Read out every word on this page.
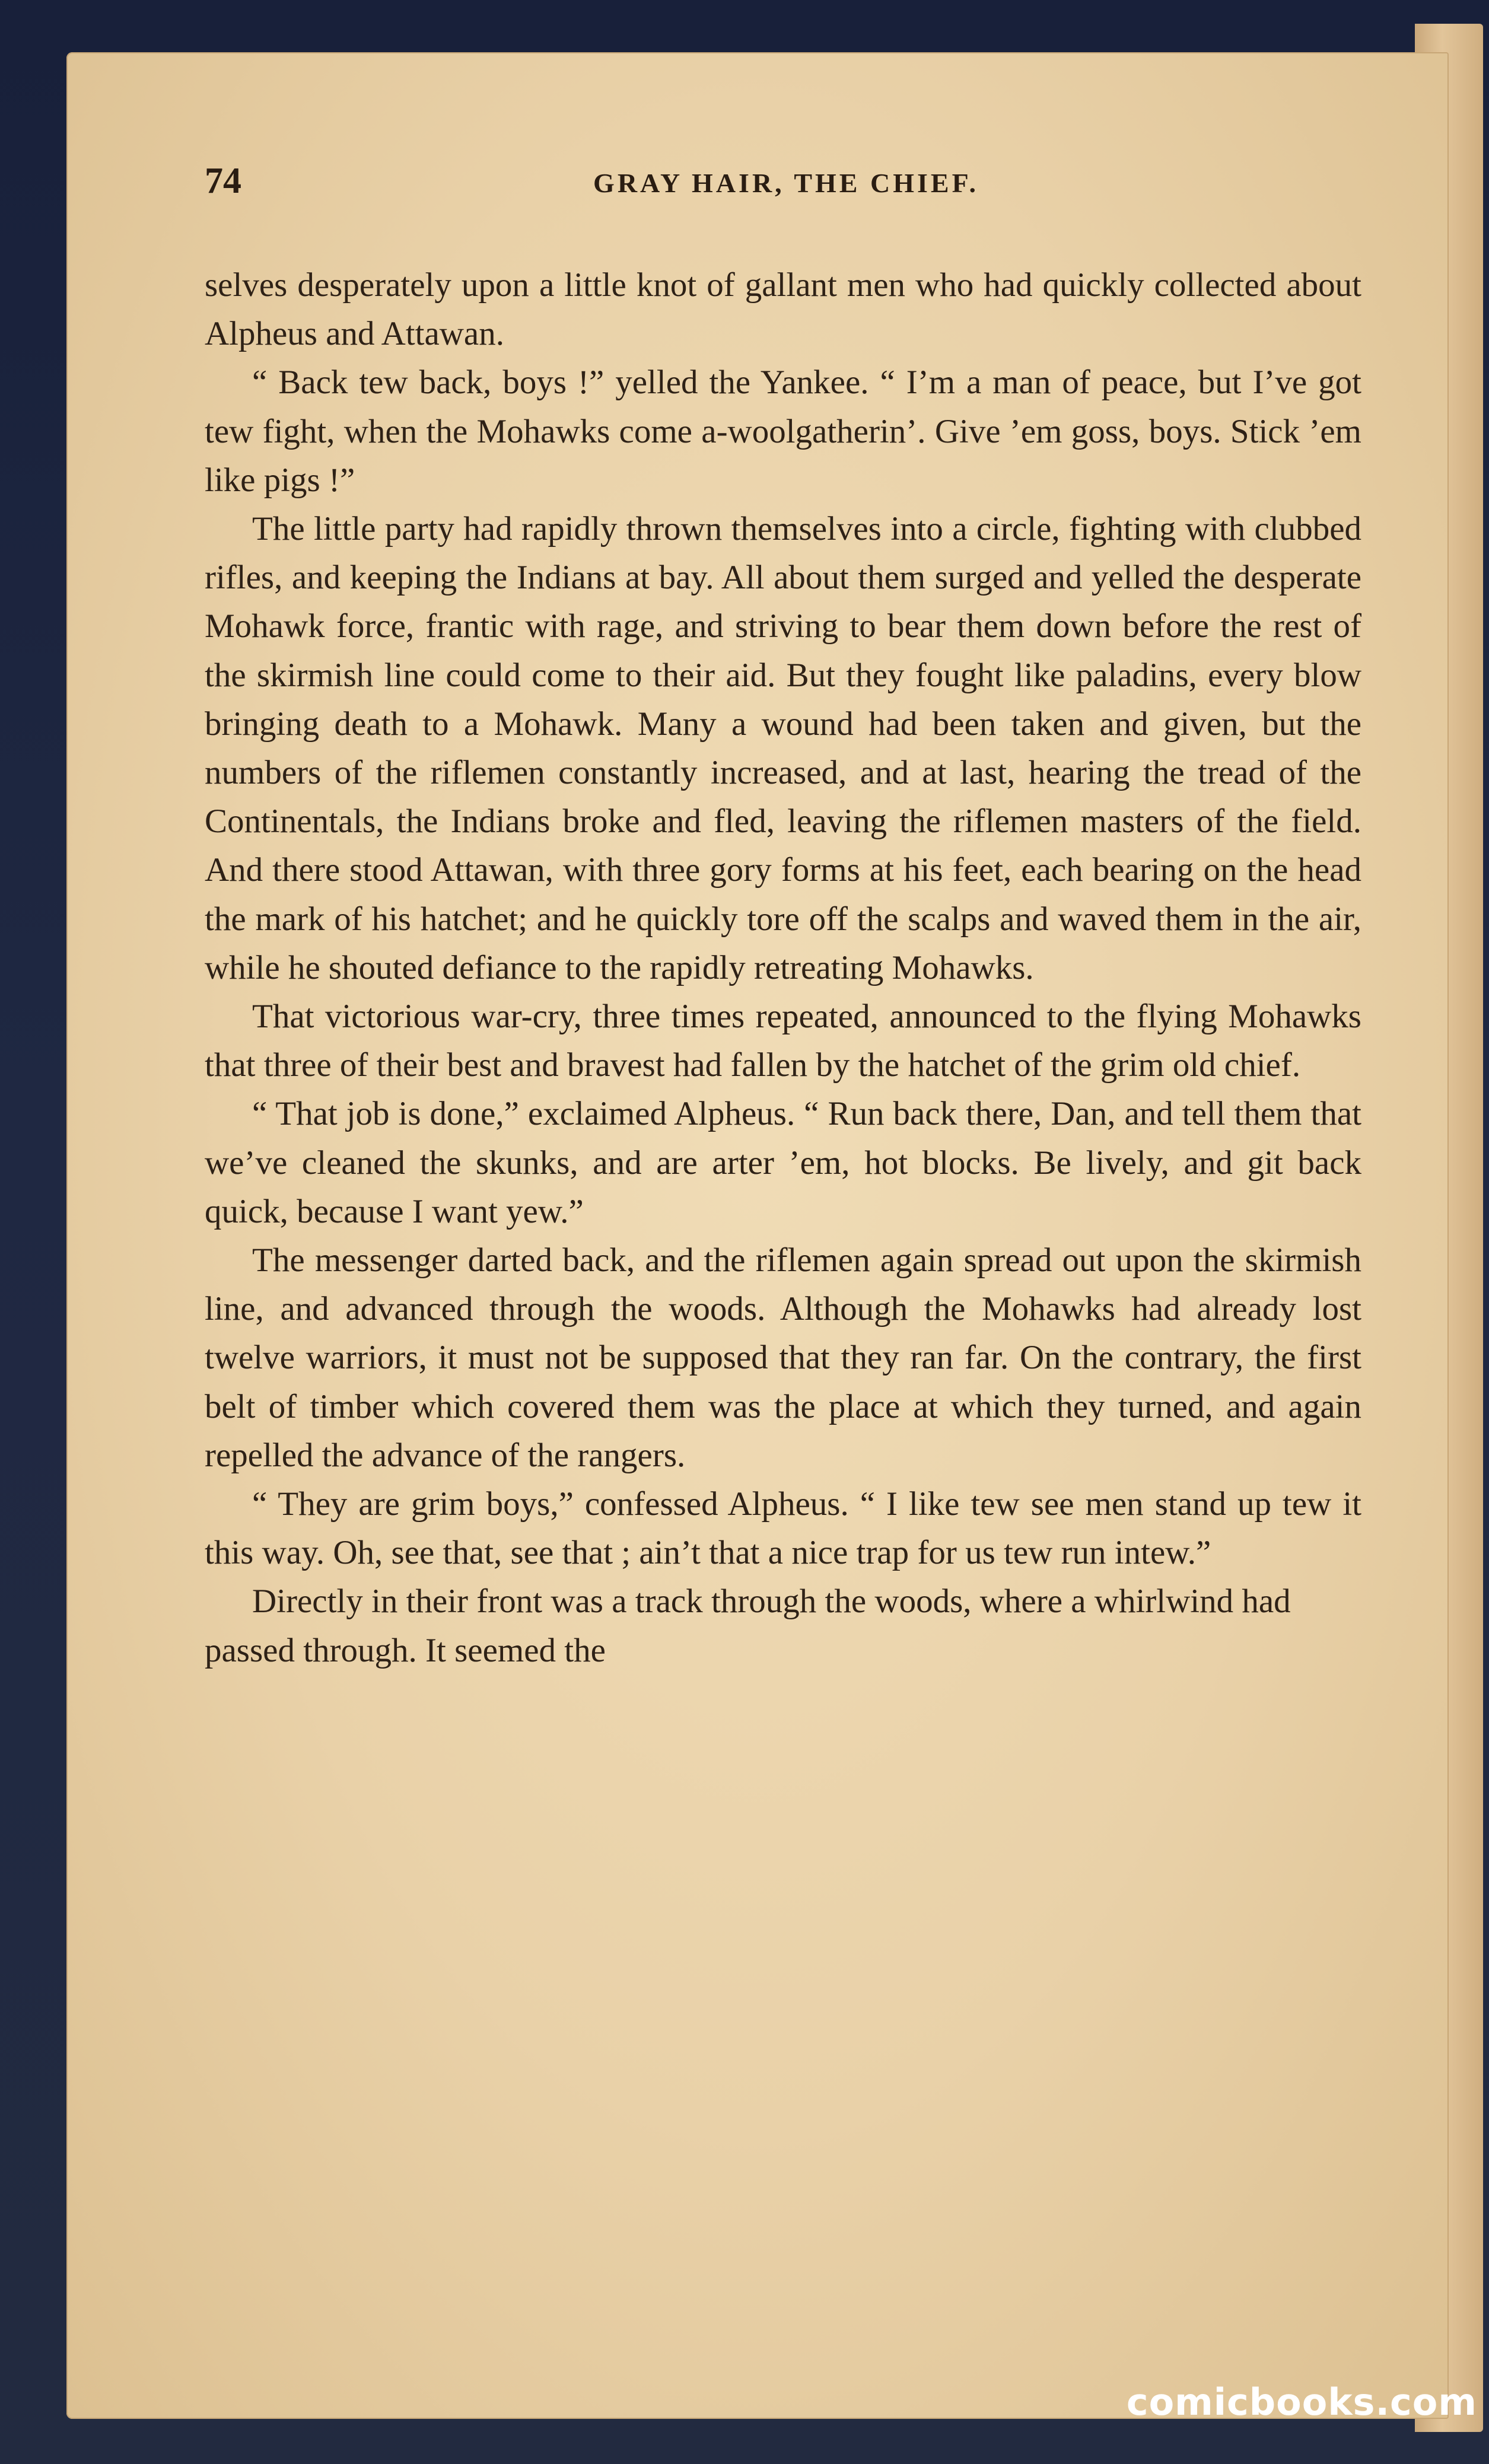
74	GRAY HAIR, THE CHIEF.

selves desperately upon a little knot of gallant men who had quickly collected about Alpheus and Attawan.

“ Back tew back, boys !” yelled the Yankee. “ I’m a man of peace, but I’ve got tew fight, when the Mohawks come a-woolgatherin’. Give ’em goss, boys. Stick ’em like pigs !”

The little party had rapidly thrown themselves into a circle, fighting with clubbed rifles, and keeping the Indians at bay. All about them surged and yelled the desperate Mohawk force, frantic with rage, and striving to bear them down before the rest of the skirmish line could come to their aid. But they fought like paladins, every blow bringing death to a Mohawk. Many a wound had been taken and given, but the numbers of the riflemen constantly increased, and at last, hearing the tread of the Continentals, the Indians broke and fled, leaving the riflemen masters of the field. And there stood Attawan, with three gory forms at his feet, each bearing on the head the mark of his hatchet; and he quickly tore off the scalps and waved them in the air, while he shouted defiance to the rapidly retreating Mohawks.

That victorious war-cry, three times repeated, announced to the flying Mohawks that three of their best and bravest had fallen by the hatchet of the grim old chief.

“ That job is done,” exclaimed Alpheus. “ Run back there, Dan, and tell them that we’ve cleaned the skunks, and are arter ’em, hot blocks. Be lively, and git back quick, because I want yew.”

The messenger darted back, and the riflemen again spread out upon the skirmish line, and advanced through the woods. Although the Mohawks had already lost twelve warriors, it must not be supposed that they ran far. On the contrary, the first belt of timber which covered them was the place at which they turned, and again repelled the advance of the rangers.

“ They are grim boys,” confessed Alpheus. “ I like tew see men stand up tew it this way. Oh, see that, see that ; ain’t that a nice trap for us tew run intew.”

Directly in their front was a track through the woods, where a whirlwind had passed through. It seemed the

comicbooks.com
